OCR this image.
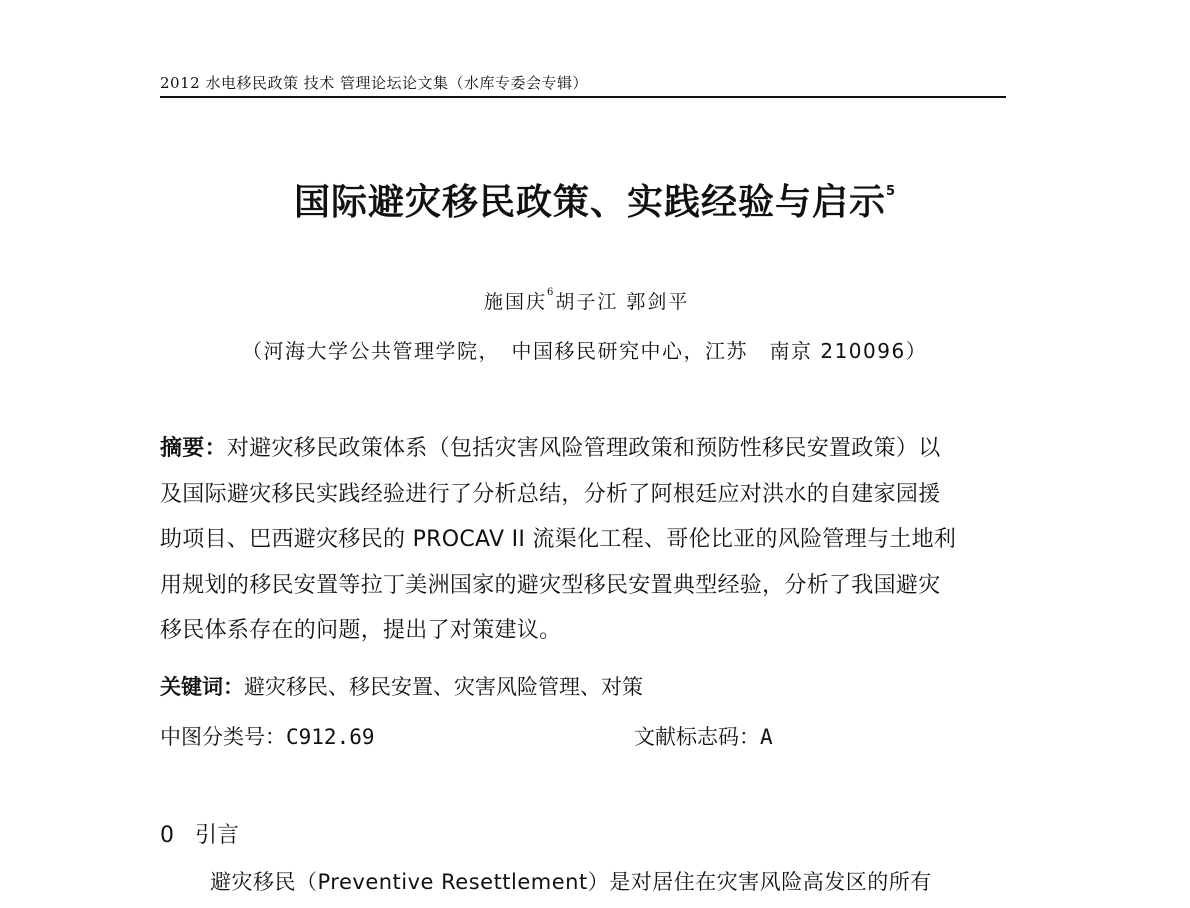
2012 水电移民政策 技术 管理论坛论文集（水库专委会专辑）
国际避灾移民政策、实践经验与启示$^5$
施国庆$^6$胡子江 郭剑平
（河海大学公共管理学院，　中国移民研究中心，江苏　南京 210096）
摘要：对避灾移民政策体系（包括灾害风险管理政策和预防性移民安置政策）以
及国际避灾移民实践经验进行了分析总结，分析了阿根廷应对洪水的自建家园援
助项目、巴西避灾移民的 PROCAV II 流渠化工程、哥伦比亚的风险管理与土地利
用规划的移民安置等拉丁美洲国家的避灾型移民安置典型经验，分析了我国避灾
移民体系存在的问题，提出了对策建议。
关键词：避灾移民、移民安置、灾害风险管理、对策
中图分类号：C912.69	文献标志码：A
0 引言
避灾移民（Preventive Resettlement）是对居住在灾害风险高发区的所有
